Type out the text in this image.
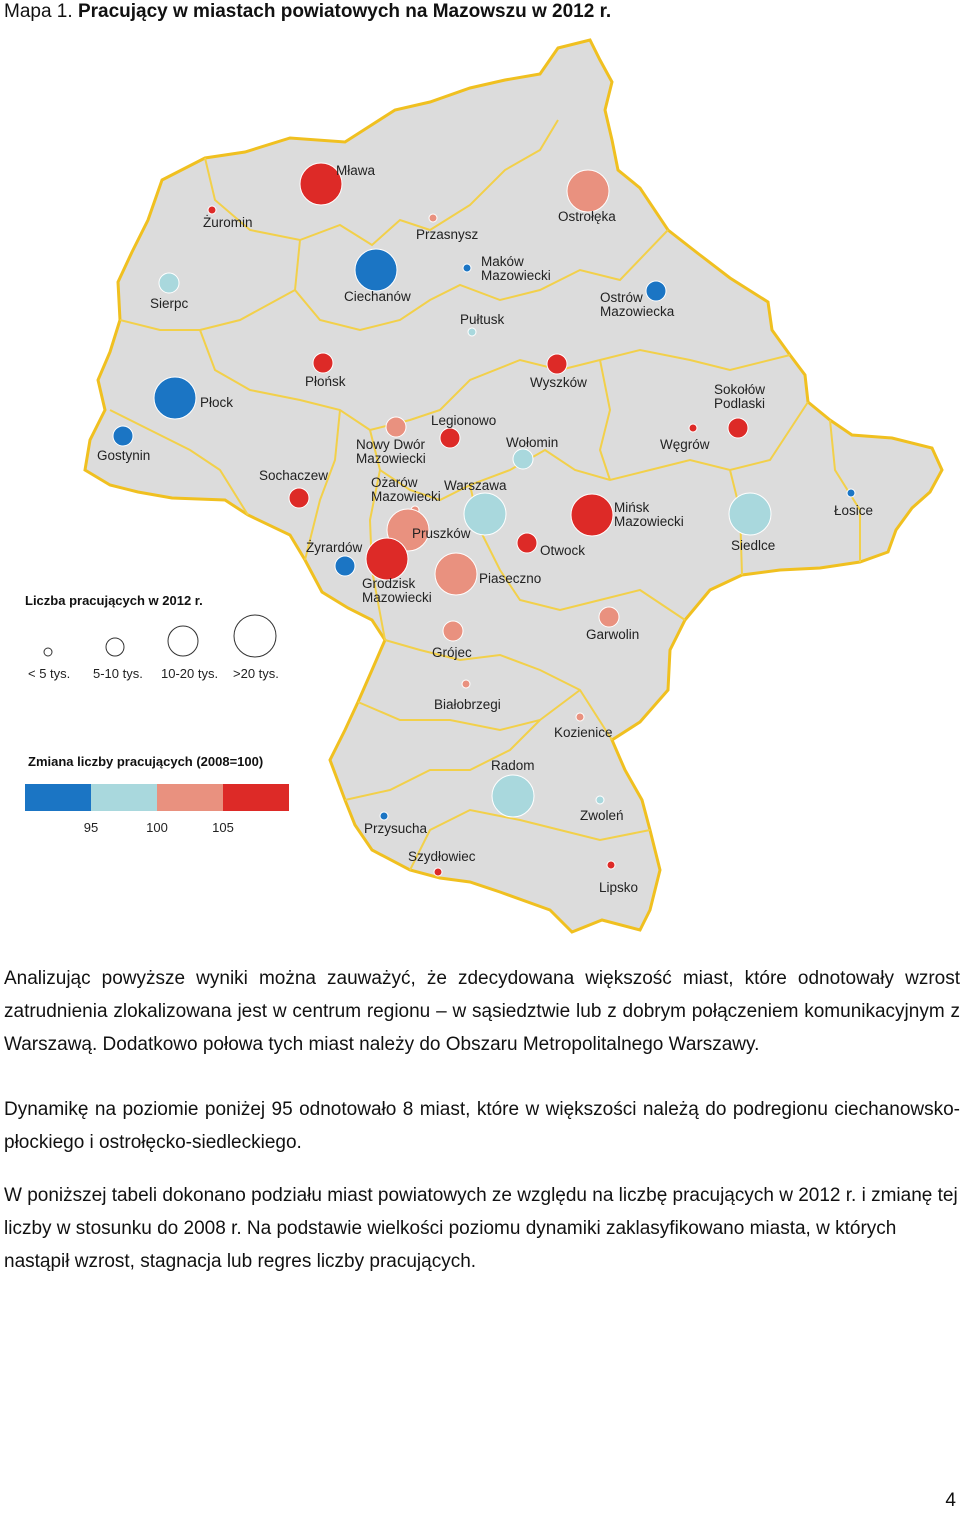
Mapa 1. Pracujący w miastach powiatowych na Mazowszu w 2012 r.
Mława
Żuromin
Przasnysz
Ostrołęka
Maków Mazowiecki
Sierpc	Ciechanów
Pułtusk
Ostrów Mazowiecka
Płońsk	Wyszków
Płock
Sokołów Podlaski
Gostynin
Legionowo
Nowy Dwór Mazowiecki
Wołomin	Węgrów
Sochaczew	Ożarów Mazowiecki
Warszawa
Mińsk Mazowiecki
Łosice
Siedlce
Pruszków
Żyrardów	Otwock
Grodzisk Mazowiecki
Piaseczno
Garwolin
Grójec
Białobrzegi
Kozienice
Radom
Przysucha
Zwoleń
Szydłowiec
Lipsko
Liczba pracujących w 2012 r.
< 5 tys. 5-10 tys. 10-20 tys. >20 tys.
Zmiana liczby pracujących (2008=100)
95	100	105

Analizując powyższe wyniki można zauważyć, że zdecydowana większość miast, które odnotowały wzrost zatrudnienia zlokalizowana jest w centrum regionu – w sąsiedztwie lub z dobrym połączeniem komunikacyjnym z Warszawą. Dodatkowo połowa tych miast należy do Obszaru Metropolitalnego Warszawy.

Dynamikę na poziomie poniżej 95 odnotowało 8 miast, które w większości należą do podregionu ciechanowsko-płockiego i ostrołęcko-siedleckiego.

W poniższej tabeli dokonano podziału miast powiatowych ze względu na liczbę pracujących w 2012 r. i zmianę tej liczby w stosunku do 2008 r. Na podstawie wielkości poziomu dynamiki zaklasyfikowano miasta, w których nastąpił wzrost, stagnacja lub regres liczby pracujących.

4
